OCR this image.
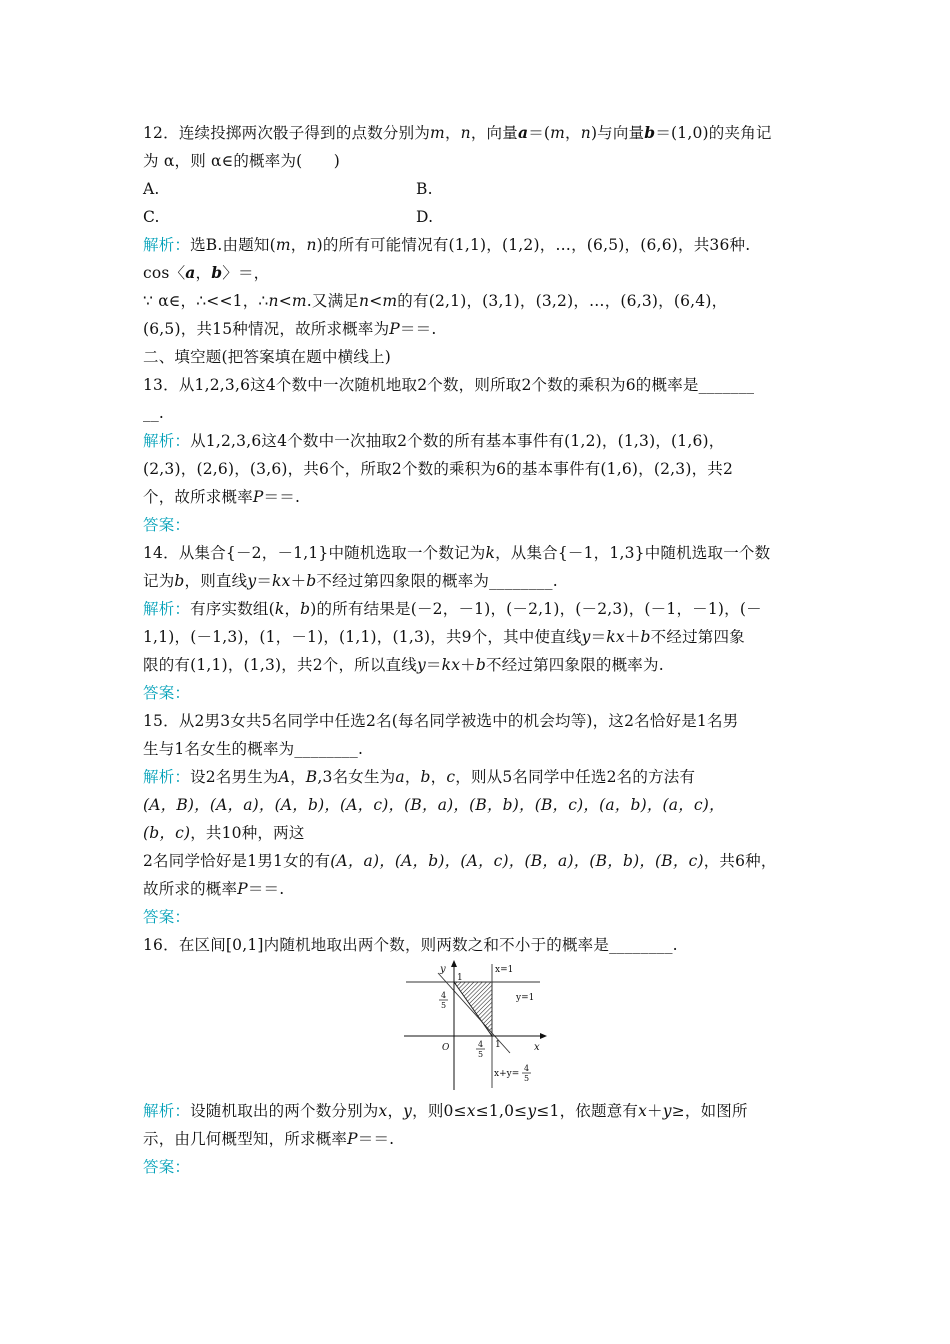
12．连续投掷两次骰子得到的点数分别为m，n，向量a＝(m，n)与向量b＝(1,0)的夹角记
为 α，则 α∈的概率为(　　)
A.	B.
C.	D.
解析：选B.由题知(m，n)的所有可能情况有(1,1)，(1,2)，…，(6,5)，(6,6)，共36种.
cos〈a，b〉＝，
∵ α∈，∴<<1，∴n<m.又满足n<m的有(2,1)，(3,1)，(3,2)，…，(6,3)，(6,4)，
(6,5)，共15种情况，故所求概率为P＝＝.
二、填空题(把答案填在题中横线上)
13．从1,2,3,6这4个数中一次随机地取2个数，则所取2个数的乘积为6的概率是_______
__.
解析：从1,2,3,6这4个数中一次抽取2个数的所有基本事件有(1,2)，(1,3)，(1,6)，
(2,3)，(2,6)，(3,6)，共6个，所取2个数的乘积为6的基本事件有(1,6)，(2,3)，共2
个，故所求概率P＝＝.
答案：
14．从集合{－2，－1,1}中随机选取一个数记为k，从集合{－1，1,3}中随机选取一个数
记为b，则直线y＝kx＋b不经过第四象限的概率为________.
解析：有序实数组(k，b)的所有结果是(－2，－1)，(－2,1)，(－2,3)，(－1，－1)，(－
1,1)，(－1,3)，(1，－1)，(1,1)，(1,3)，共9个，其中使直线y＝kx＋b不经过第四象
限的有(1,1)，(1,3)，共2个，所以直线y＝kx＋b不经过第四象限的概率为.
答案：
15．从2男3女共5名同学中任选2名(每名同学被选中的机会均等)，这2名恰好是1名男
生与1名女生的概率为________.
解析：设2名男生为A，B,3名女生为a，b，c，则从5名同学中任选2名的方法有
(A，B)，(A，a)，(A，b)，(A，c)，(B，a)，(B，b)，(B，c)，(a，b)，(a，c)，
(b，c)，共10种，两这
2名同学恰好是1男1女的有(A，a)，(A，b)，(A，c)，(B，a)，(B，b)，(B，c)，共6种，
故所求的概率P＝＝.
答案：
16．在区间[0,1]内随机地取出两个数，则两数之和不小于的概率是________.
y
x
x=1
y=1
1
1
O
4
5
4
5
x+y=
4
5
解析：设随机取出的两个数分别为x，y，则0≤x≤1,0≤y≤1，依题意有x＋y≥，如图所
示，由几何概型知，所求概率P＝＝.
答案：
